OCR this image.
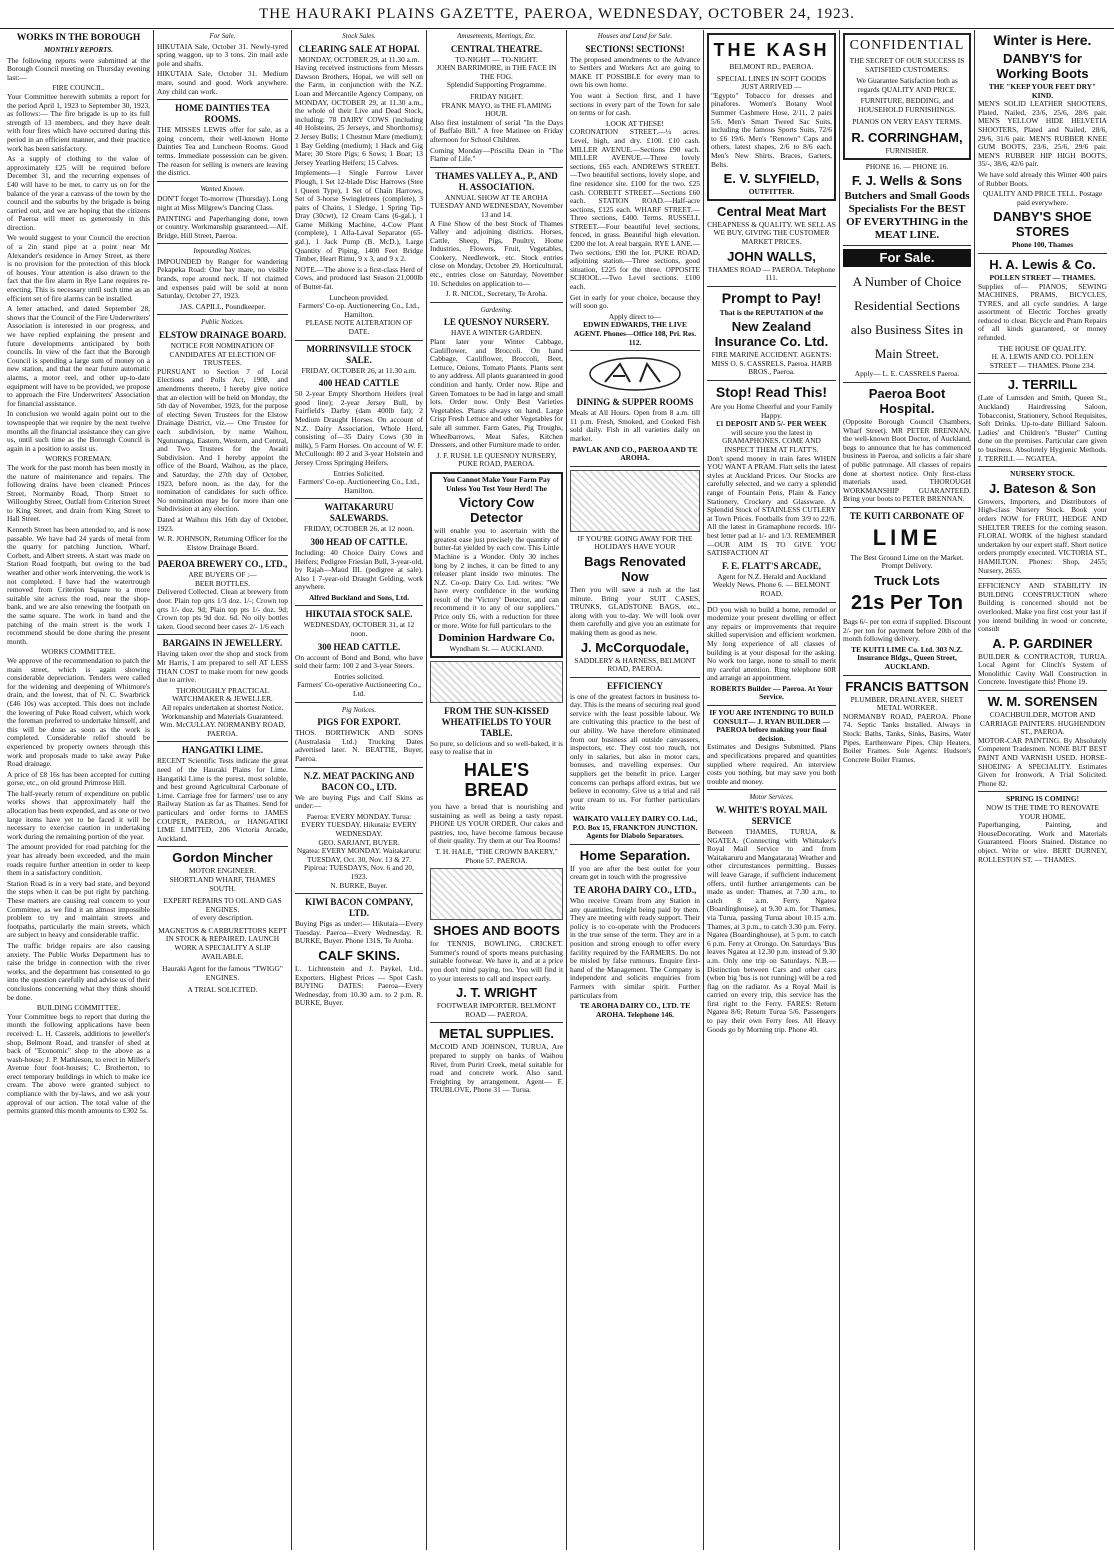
THE HAURAKI PLAINS GAZETTE, PAEROA, WEDNESDAY, OCTOBER 24, 1923.
WORKS IN THE BOROUGH
MONTHLY REPORTS.

The following reports were submitted at the Borough Council meeting on Thursday evening last:—

FIRE COUNCIL.

Your Committee herewith submits a report for the period April 1, 1923 to September 30, 1923, as follows:— The fire brigade is up to its full strength of 13 members, and they have dealt with four fires which have occurred during this period in an efficient manner, and their practice work has been satisfactory.

As a supply of clothing to the value of approximately £25 will be required before December 31, and the recurring expenses of £40 will have to be met, to carry us on for the balance of the year a canvass of the town by the council and the suburbs by the brigade is being carried out, and we are hoping that the citizens of Paeroa will meet us generously in this direction.

We would suggest to your Council the erection of a 2in stand pipe at a point near Mr Alexander's residence in Arney Street, as there is no provision for the protection of this block of houses. Your attention is also drawn to the fact that the fire alarm in Rye Lane requires re-erecting. This is necessary until such time as an efficient set of fire alarms can be installed.

A letter attached, and dated September 28, shows that the Council of the Fire Underwriters' Association is interested in our progress, and we have replied explaining the present and future developments anticipated by both councils. In view of the fact that the Borough Council is spending a large sum of money on a new station, and that the near future automatic alarms, a motor reel, and other up-to-date equipment will have to be provided, we propose to approach the Fire Underwriters' Association for financial assistance.

In conclusion we would again point out to the townspeople that we require by the next twelve months all the financial assistance they can give us, until such time as the Borough Council is again in a position to assist us.

WORKS FOREMAN.

The work for the past month has been mostly in the nature of maintenance and repairs. The following drains have been cleaned: Princes Street, Normanby Road, Thorp Street to Willoughby Street, Outfall from Criterion Street to King Street, and drain from King Street to Hall Street.

Kenneth Street has been attended to, and is now passable. We have had 24 yards of metal from the quarry for patching Junction, Wharf, Corbett, and Albert streets. A start was made on Station Road footpath, but owing to the bad weather and other work intervening, the work is not completed. I have had the watertrough removed from Criterion Square to a more suitable site across the road, near the shop-bank, and we are also renewing the footpath on the same square. The work in hand and the patching of the main street is the work I recommend should be done during the present month.

WORKS COMMITTEE.

We approve of the recommendation to patch the main street, which is again showing considerable depreciation. Tenders were called for the widening and deepening of Whitmore's drain, and the lowest, that of N. C. Swarbrick (£46 10s) was accepted. This does not include the lowering of Puke Road culvert, which work the foreman preferred to undertake himself, and this will be done as soon as the work is completed. Considerable relief should be experienced by property owners through this work and proposals made to take away Puke Road drainage.

A price of £8 16s has been accepted for cutting gorse, etc., on old ground Primrose Hill.

The half-yearly return of expenditure on public works shows that approximately half the allocation has been expended, and as one or two large items have yet to be faced it will be necessary to exercise caution in undertaking work during the remaining portion of the year.

The amount provided for road patching for the year has already been exceeded, and the main roads require further attention in order to keep them in a satisfactory condition.

Station Road is in a very bad state, and beyond the steps when it can be put right by patching. These matters are causing real concern to your Committee, as we find it an almost impossible problem to try and maintain streets and footpaths, particularly the main streets, which are subject to heavy and considerable traffic.

The traffic bridge repairs are also causing anxiety. The Public Works Department has to raise the bridge in connection with the river works, and the department has consented to go into the question carefully and advise us of their conclusions concerning what they think should be done.

BUILDING COMMITTEE.

Your Committee begs to report that during the month the following applications have been received: L. H. Cassrels, additions to jeweller's shop, Belmont Road, and transfer of shed at back of "Economic" shop to the above as a wash-house; J. P. Mathieson, to erect in Miller's Avenue four foot-houses; C. Brotherton, to erect temporary buildings in which to make ice cream. The above were granted subject to compliance with the by-laws, and we ask your approval of our action. The total value of the permits granted this month amounts to £302 5s.

For Sale.

HIKUTAIA Sale, October 31. Newly-tyred spring waggon, up to 3 tons. 2in mail axle pole and shafts.

HIKUTAIA Sale, October 31. Medium mare, sound and good. Work anywhere. Any child can work.

HOME DAINTIES TEA ROOMS.

THE MISSES LEWIS offer for sale, as a going concern, their well-known Home Dainties Tea and Luncheon Rooms. Good terms. Immediate possession can be given. The reason for selling is owners are leaving the district.

Wanted Known.

DON'T forget To-morrow (Thursday). Long night at Miss Milgrew's Dancing Class.

PAINTING and Paperhanging done, town or country. Workmanship guaranteed.—Alf. Bridge, Hill Street, Paeroa.

Impounding Notices.

IMPOUNDED by Ranger for wandering Pekapeka Road: One bay mare, no visible brands, rope around neck. If not claimed and expenses paid will be sold at noon Saturday, October 27, 1923.

JAS. CAPILL, Poundkeeper.
Public Notices.
ELSTOW DRAINAGE BOARD.
NOTICE FOR NOMINATION OF CANDIDATES AT ELECTION OF TRUSTEES.

PURSUANT to Section 7 of Local Elections and Polls Act, 1908, and amendments thereto, I hereby give notice that an election will be held on Monday, the 5th day of November, 1923, for the purpose of electing Seven Trustees for the Elstow Drainage District, viz.— One Trustee for each subdivision, by name Waihou, Ngutunanga, Eastern, Western, and Central, and Two Trustees for the Awaiti Subdivision. And I hereby appoint the office of the Board, Waihou, as the place, and Saturday, the 27th day of October, 1923, before noon, as the day, for the nomination of candidates for such office. No nomination may be for more than one Subdivision at any election.

Dated at Waihou this 16th day of October, 1923.

W. R. JOHNSON, Returning Officer for the Elstow Drainage Board.
PAEROA BREWERY CO., LTD.,
ARE BUYERS OF :—
BEER BOTTLES.

Delivered Collected. Clean at brewery from door. Plain top qrts 1/3 doz. 1/-; Crown top qrts 1/- doz. 9d; Plain top pts 1/- doz. 9d; Crown top pts 9d doz. 6d. No oily bottles taken. Good second beer cases 2/- 1/6 each

BARGAINS IN JEWELLERY.

Having taken over the shop and stock from Mr Harris, I am prepared to sell AT LESS THAN COST to make room for new goods due to arrive.

THOROUGHLY PRACTICAL WATCHMAKER & JEWELLER.
All repairs undertaken at shortest Notice.
Workmanship and Materials Guaranteed.
Wm. McCULLAY. NORMANBY ROAD, PAEROA.
HANGATIKI LIME.

RECENT Scientific Tests indicate the great need of the Hauraki Plains for Lime. Hangatiki Lime is the purest, most soluble, and best ground Agricultural Carbonate of Lime. Carriage free for farmers' use to any Railway Station as far as Thames. Send for particulars and order forms to JAMES COUPER, PAEROA, or HANGATIKI LIME LIMITED, 206 Victoria Arcade, Auckland.

Gordon Mincher
MOTOR ENGINEER.
SHORTLAND WHARF, THAMES SOUTH.
EXPERT REPAIRS TO OIL AND GAS ENGINES.
of every description.
MAGNETOS & CARBURETTORS KEPT IN STOCK & REPAIRED. LAUNCH WORK A SPECIALITY A SLIP AVAILABLE.
Hauraki Agent for the famous "TWIGG" ENGINES.
A TRIAL SOLICITED.
Stock Sales.
CLEARING SALE AT HOPAI.
MONDAY, OCTOBER 29, at 11.30 a.m.

Having received instructions from Messrs Dawson Brothers, Hopai, we will sell on the Farm, in conjunction with the N.Z. Loan and Mercantile Agency Company, on MONDAY, OCTOBER 29, at 11.30 a.m., the whole of their Live and Dead Stock, including: 78 DAIRY COWS (including 40 Holsteins, 25 Jerseys, and Shorthorns); 2 Jersey Bulls; 1 Chestnut Mare (medium); 1 Bay Gelding (medium); 1 Hack and Gig Mare; 30 Store Pigs; 6 Sows; 1 Boar; 13 Jersey Yearling Heifers; 15 Calves.

Implements—1 Single Furrow Lever Plough, 1 Set 12-blade Disc Harrows (Stee l Queen Type), 1 Set of Chain Harrows, Set of 3-horse Swingletrees (complete), 3 pairs of Chains, 1 Sledge, 1 Spring Tip-Dray (30cwt), 12 Cream Cans (6-gal.), 1 Game Milking Machine, 4-Cow Plant (complete), 1 Alfa-Laval Separator (65-gal.), 1 Jack Pump (B. McD.), Large Quantity of Piping, 1400 Feet Bridge Timber, Heart Rimu, 9 x 3, and 9 x 2.

NOTE.—The above is a first-class Herd of Cows, and produced last Season 21,000lb of Butter-fat.

Luncheon provided.
Farmers' Co-op. Auctioneering Co., Ltd., Hamilton.
PLEASE NOTE ALTERATION OF DATE.
MORRINSVILLE STOCK SALE.
FRIDAY, OCTOBER 26, at 11.30 a.m.
400 HEAD CATTLE

50 2-year Empty Shorthorn Heifers (real good line); 2-year Jersey Bull, by Fairfield's Darby (dam 400lb fat); 2 Medium Draught Horses. On account of N.Z. Dairy Association, Whole Herd, consisting of—35 Dairy Cows (30 in milk), 5 Farm Horses. On account of W. F. McCullough: 80 2 and 3-year Holstein and Jersey Cross Springing Heifers.

Entries Solicited.
Farmers' Co-op. Auctioneering Co., Ltd., Hamilton.
WAITAKARURU SALEWARDS.
FRIDAY, OCTOBER 26, at 12 noon.
300 HEAD OF CATTLE.

Including: 40 Choice Dairy Cows and Heifers; Pedigree Friesian Bull, 3-year-old, by Rajah—Maud III. (pedigree at sale). Also 1 7-year-old Draught Gelding, work anywhere.

Alfred Buckland and Sons, Ltd.
HIKUTAIA STOCK SALE.
WEDNESDAY, OCTOBER 31, at 12 noon.
300 HEAD CATTLE.

On account of Bond and Bond, who have sold their farm: 100 2 and 3-year Steers.

Entries solicited.
Farmers' Co-operative Auctioneering Co., Ltd.
Pig Notices.
PIGS FOR EXPORT.

THOS. BORTHWICK AND SONS (Australasia Ltd.) Trucking Dates advertised later. N. BEATTIE, Buyer, Paeroa.

N.Z. MEAT PACKING AND BACON CO., LTD.

We are buying Pigs and Calf Skins as under:—

Paeroa: EVERY MONDAY. Turua: EVERY TUESDAY. Hikutaia: EVERY WEDNESDAY.
GEO. SARJANT, BUYER.
Ngatea: EVERY MONDAY. Waitakaruru: TUESDAY, Oct. 30, Nov. 13 & 27. Pipiroa: TUESDAYS, Nov. 6 and 20, 1923.
N. BURKE, Buyer.
KIWI BACON COMPANY, LTD.

Buying Pigs as under:— Hikutaia—Every Tuesday. Paeroa—Every Wednesday. R. BURKE, Buyer. Phone 131S, Te Aroha.

CALF SKINS.

L. Lichtenstein and J. Paykel, Ltd., Exporters. Highest Prices — Spot Cash. BUYING DATES: Paeroa—Every Wednesday, from 10.30 a.m. to 2 p.m. R. BURKE, Buyer.

Amusements, Meetings, Etc.
CENTRAL THEATRE.
TO-NIGHT — TO-NIGHT.
JOHN BARRIMORE, in THE FACE IN THE FOG.
Splendid Supporting Programme.
FRIDAY NIGHT.
FRANK MAYO, in THE FLAMING HOUR.

Also first instalment of serial "In the Days of Buffalo Bill." A free Matinee on Friday afternoon for School Children.

Coming Monday—Priscilla Dean in "The Flame of Life."

THAMES VALLEY A., P., AND H. ASSOCIATION.
ANNUAL SHOW AT TE AROHA TUESDAY AND WEDNESDAY, November 13 and 14.

A Fine Show of the best Stock of Thames Valley and adjoining districts. Horses, Cattle, Sheep, Pigs, Poultry, Home Industries, Flowers, Fruit, Vegetables, Cookery, Needlework, etc. Stock entries close on Monday, October 29. Horticultural, etc., entries close on Saturday, November 10. Schedules on application to—

J. R. NICOL, Secretary, Te Aroha.
Gardening.
LE QUESNOY NURSERY.
HAVE A WINTER GARDEN.

Plant later your Winter Cabbage, Cauliflower, and Broccoli. On hand Cabbage, Cauliflower, Broccoli, Beet, Lettuce, Onions, Tomato Plants. Plants sent to any address. All plants guaranteed in good condition and hardy. Order now. Ripe and Green Tomatoes to be had in large and small lots. Order now. Only Best Varieties Vegetables. Plants always on hand. Large Crisp Fresh Lettuce and other Vegetables for sale all summer. Farm Gates, Pig Troughs, Wheelbarrows, Meat Safes, Kitchen Dressers, and other Furniture made to order.

J. F. RUSH. LE QUESNOY NURSERY, PUKE ROAD, PAEROA.
You Cannot Make Your Farm Pay Unless You Test Your Herd! The
Victory Cow Detector

will enable you to ascertain with the greatest ease just precisely the quantity of butter-fat yielded by each cow. This Little Machine is a Wonder. Only 30 inches long by 2 inches, it can be fitted to any releaser plant inside two minutes. The N.Z. Co-op. Dairy Co. Ltd. writes: "We have every confidence in the working result of the 'Victory' Detector, and can recommend it to any of our suppliers." Price only £6, with a reduction for three or more. Write for full particulars to the

Dominion Hardware Co.
Wyndham St. — AUCKLAND.
FROM THE SUN-KISSED WHEATFIELDS TO YOUR TABLE.

So pure, so delicious and so well-baked, it is easy to realise that in

HALE'S BREAD

you have a bread that is nourishing and sustaining as well as being a tasty repast. PHONE US YOUR ORDER. Our cakes and pastries, too, have become famous because of their quality. Try them at our Tea Rooms!

T. H. HALE, "THE CROWN BAKERY," Phone 57. PAEROA.
SHOES AND BOOTS

for TENNIS, BOWLING, CRICKET. Summer's round of sports means purchasing suitable footwear. We have it, and at a price you don't mind paying, too. You will find it to your interests to call and inspect early.

J. T. WRIGHT
FOOTWEAR IMPORTER. BELMONT ROAD — PAEROA.
METAL SUPPLIES.

McCOID AND JOHNSON, TURUA, Are prepared to supply on banks of Waihou River, from Puriri Creek, metal suitable for road and concrete work. Also sand. Freighting by arrangement. Agent— F. TRUBLOVE, Phone 31 — Turua.

Houses and Land for Sale.
SECTIONS! SECTIONS!

The proposed amendments to the Advance to Settlers and Workers Act are going to MAKE IT POSSIBLE for every man to own his own home.

You want a Section first, and I have sections in every part of the Town for sale on terms or for cash.

LOOK AT THESE!

CORONATION STREET.—¼ acres. Level, high, and dry. £100. £10 cash. MILLER AVENUE.—Sections £90 each. MILLER AVENUE.—Three lovely sections, £65 each. ANDREWS STREET.—Two beautiful sections, lovely slope, and fine residence site. £100 for the two. £25 cash. CORBETT STREET.—Sections £60 each. STATION ROAD.—Half-acre sections, £125 each. WHARF STREET.—Three sections, £400. Terms. RUSSELL STREET.—Four beautiful level sections, fenced, in grass. Beautiful high elevation. £200 the lot. A real bargain. RYE LANE.—Two sections, £90 the lot. PUKE ROAD, adjoining station.—Three sections, good situation, £225 for the three. OPPOSITE SCHOOL.—Two Level sections. £100 each.

Get in early for your choice, because they will soon go.

Apply direct to—
EDWIN EDWARDS, THE LIVE AGENT. Phones—Office 108, Pri. Res. 112.
DINING & SUPPER ROOMS

Meals at All Hours. Open from 8 a.m. till 11 p.m. Fresh, Smoked, and Cooked Fish sold daily. Fish in all varieties daily on market.

PAVLAK AND CO., PAEROA AND TE AROHA.
IF YOU'RE GOING AWAY FOR THE HOLIDAYS HAVE YOUR
Bags Renovated Now

Then you will save a rush at the last minute. Bring your SUIT CASES, TRUNKS, GLADSTONE BAGS, etc., along with you to-day. We will look over them carefully and give you an estimate for making them as good as new.

J. McCorquodale,
SADDLERY & HARNESS, BELMONT ROAD, PAEROA.
EFFICIENCY

is one of the greatest factors in business to-day. This is the means of securing real good service with the least possible labour. We are cultivating this practice to the best of our ability. We have therefore eliminated from our business all outside canvassers, inspectors, etc. They cost too much, not only in salaries, but also in motor cars, bonuses, and travelling expenses. Our suppliers get the benefit in price. Larger concerns can perhaps afford extras, but we believe in economy. Give us a trial and rail your cream to us. For further particulars write

WAIKATO VALLEY DAIRY CO. Ltd., P.O. Box 15, FRANKTON JUNCTION. Agents for Diabolo Separators.
Home Separation.

If you are after the best outlet for your cream get in touch with the progressive

TE AROHA DAIRY CO., LTD.,

Who receive Cream from any Station in any quantities, freight being paid by them. They are meeting with ready support. Their policy is to co-operate with the Producers in the true sense of the term. They are in a position and strong enough to offer every facility required by the FARMERS. Do not be misled by false rumours. Enquire first-hand of the Management. The Company is independent and solicits enquiries from Farmers with similar spirit. Further particulars from

TE AROHA DAIRY CO., LTD. TE AROHA. Telephone 146.
THE KASH
BELMONT RD., PAEROA.
SPECIAL LINES IN SOFT GOODS JUST ARRIVED —

"Egypto" Tobacco for dresses and pinafores. Women's Botany Wool Summer Cashmere Hose, 2/11, 2 pairs 5/6. Men's Smart Tweed Sac Suits, including the famous Sports Suits, 72/6 to £6 19/6. Men's "Renown" Caps and others, latest shapes, 2/6 to 8/6 each. Men's New Shirts, Braces, Garters, Belts.

E. V. SLYFIELD,
OUTFITTER.
Central Meat Mart
CHEAPNESS & QUALITY. WE SELL AS WE BUY, GIVING THE CUSTOMER MARKET PRICES.
JOHN WALLS,
THAMES ROAD — PAEROA. Telephone 111.
Prompt to Pay!
That is the REPUTATION of the
New Zealand Insurance Co. Ltd.
FIRE MARINE ACCIDENT. AGENTS: MISS O. S. CASSRELS, Paeroa. HARB BROS., Paeroa.
Stop! Read This!
Are you Home Cheerful and your Family Happy.
£1 DEPOSIT AND 5/- PER WEEK
will secure you the latest in GRAMAPHONES. COME AND INSPECT THEM AT FLATT'S.

Don't spend money in train fares WHEN YOU WANT A PRAM. Flatt sells the latest styles at Auckland Prices. Our Stocks are carefully selected, and we carry a splendid range of Fountain Pens, Plain & Fancy Stationery, Crockery and Glassware. A Splendid Stock of STAINLESS CUTLERY at Town Prices. Footballs from 3/9 to 22/6. All the latest in Gramaphone records. 10/- best letter pad at 1/- and 1/3. REMEMBER—OUR AIM IS TO GIVE YOU SATISFACTION AT

F. E. FLATT'S ARCADE,
Agent for N.Z. Herald and Auckland Weekly News. Phone 6. — BELMONT ROAD.

DO you wish to build a home, remodel or modernize your present dwelling or effect any repairs or improvements that require skilled supervision and efficient workmen. My long experience of all classes of building is at your disposal for the asking. No work too large, none to small to merit my careful attention. Ring telephone 60R and arrange an appointment.

ROBERTS Builder — Paeroa. At Your Service.
IF YOU ARE INTENDING TO BUILD CONSULT— J. RYAN BUILDER — PAEROA before making your final decision.

Estimates and Designs Submitted. Plans and specifications prepared and quantities supplied where required. An interview costs you nothing, but may save you both trouble and money.

Motor Services.
W. WHITE'S ROYAL MAIL SERVICE

Between THAMES, TURUA, & NGATEA. (Connecting with Whittaker's Royal Mail Service to and from Waitakaruru and Mangatarata) Weather and other circumstances permitting. Busses will leave Garage, if sufficient inducement offers, until further arrangements can be made as under: Thames, at 7.30 a.m., to catch 8 a.m. Ferry. Ngatea (Boardinghouse), at 9.30 a.m. for Thames, via Turua, passing Turua about 10.15 a.m. Thames, at 3 p.m., to catch 3.30 p.m. Ferry. Ngatea (Boardinghouse), at 5 p.m. to catch 6 p.m. Ferry at Orongo. On Saturdays 'Bus leaves Ngatea at 12.30 p.m. instead of 9.30 a.m. Only one trip on Saturdays. N.B.—Distinction between Cars and other cars (when big 'bus is not running) will be a red flag on the radiator. As a Royal Mail is carried on every trip, this service has the first right to the Ferry. FARES: Return Ngatea 8/6; Return Turua 5/6. Passengers to pay their own Ferry fees. All Heavy Goods go by Morning trip. Phone 40.

CONFIDENTIAL
THE SECRET OF OUR SUCCESS IS SATISFIED CUSTOMERS.
We Guarantee Satisfaction both as regards QUALITY AND PRICE.
FURNITURE, BEDDING, and HOUSEHOLD FURNISHINGS.
PIANOS ON VERY EASY TERMS.
R. CORRINGHAM,
FURNISHER.
PHONE 16. — PHONE 16.
F. J. Wells & Sons
Butchers and Small Goods Specialists For the BEST OF EVERYTHING in the MEAT LINE.
For Sale.
A Number of Choice Residential Sections also Business Sites in Main Street.
Apply— L. E. CASSRELS Paeroa.
Paeroa Boot Hospital.

(Opposite Borough Council Chambers, Wharf Street). MR PETER BRENNAN, the well-known Boot Doctor, of Auckland, begs to announce that he has commenced business in Paeroa, and solicits a fair share of public patronage. All classes of repairs done at shortest notice. Only first-class materials used. THOROUGH WORKMANSHIP GUARANTEED. Bring your boots to PETER BRENNAN.

TE KUITI CARBONATE OF
LIME
The Best Ground Lime on the Market. Prompt Delivery.
Truck Lots
21s Per Ton

Bags 6/- per ton extra if supplied. Discount 2/- per ton for payment before 20th of the month following delivery.

TE KUITI LIME Co. Ltd. 303 N.Z. Insurance Bldgs., Queen Street, AUCKLAND.
FRANCIS BATTSON
PLUMBER, DRAINLAYER, SHEET METAL WORKER.

NORMANBY ROAD, PAEROA. Phone 74. Septic Tanks Installed. Always in Stock: Baths, Tanks, Sinks, Basins, Water Pipes, Earthenware Pipes, Chip Heaters, Boiler Frames. Sole Agents: Hudson's Concrete Boiler Frames.

Winter is Here.
DANBY'S for Working Boots
THE "KEEP YOUR FEET DRY" KIND.

MEN'S SOLID LEATHER SHOOTERS, Plated, Nailed, 23/6, 25/6, 28/6 pair. MEN'S YELLOW HIDE HELVETIA SHOOTERS, Plated and Nailed, 28/6, 29/6, 31/6 pair. MEN'S RUBBER KNEE GUM BOOTS, 23/6, 25/6, 29/6 pair. MEN'S RUBBER HIP HIGH BOOTS, 35/-, 38/6, 42/6 pair.

We have sold already this Winter 400 pairs of Rubber Boots.

QUALITY AND PRICE TELL. Postage paid everywhere.
DANBY'S SHOE STORES
Phone 100, Thames
H. A. Lewis & Co.
POLLEN STREET — THAMES.

Supplies of— PIANOS, SEWING MACHINES, PRAMS, BICYCLES, TYRES, and all cycle sundries. A large assortment of Electric Torches greatly reduced to clear. Bicycle and Pram Repairs of all kinds guaranteed, or money refunded.

THE HOUSE OF QUALITY.
H. A. LEWIS AND CO. POLLEN STREET — THAMES. Phone 234.
J. TERRILL

(Late of Lumsden and Smith, Queen St., Auckland) Hairdressing Saloon, Tobacconist, Stationery, School Requisites, Soft Drinks. Up-to-date Billiard Saloon. Ladies' and Children's "Buster" Cutting done on the premises. Particular care given to business. Absolutely Hygienic Methods. J. TERRILL — NGATEA.

NURSERY STOCK.
J. Bateson & Son

Growers, Importers, and Distributors of High-class Nursery Stock. Book your orders NOW for FRUIT, HEDGE AND SHELTER TREES for the coming season. FLORAL WORK of the highest standard undertaken by our expert staff. Short notice orders promptly executed. VICTORIA ST., HAMILTON. Phones: Shop, 2455; Nursery, 2655.

EFFICIENCY AND STABILITY IN BUILDING CONSTRUCTION where Building is concerned should not be overlooked. Make you first cost your last if you intend building in wood or concrete, consult

A. P. GARDINER

BUILDER & CONTRACTOR, TURUA. Local Agent for Clinch's System of Monolithic Cavity Wall Construction in Concrete. Investigate this! Phone 19.

W. M. SORENSEN
COACHBUILDER, MOTOR AND CARRIAGE PAINTERS. HUGHENDON ST., PAEROA.

MOTOR-CAR PAINTING. By Absolutely Competent Tradesmen. NONE BUT BEST PAINT AND VARNISH USED. HORSE-SHOEING A SPECIALITY. Estimates Given for Ironwork. A Trial Solicited. Phone 82.

SPRING IS COMING!
NOW IS THE TIME TO RENOVATE YOUR HOME.

Paperhanging, Painting, and HouseDecorating. Work and Materials Guaranteed. Floors Stained. Distance no object. Write or wire. BERT DURNEY, ROLLESTON ST. — THAMES.
